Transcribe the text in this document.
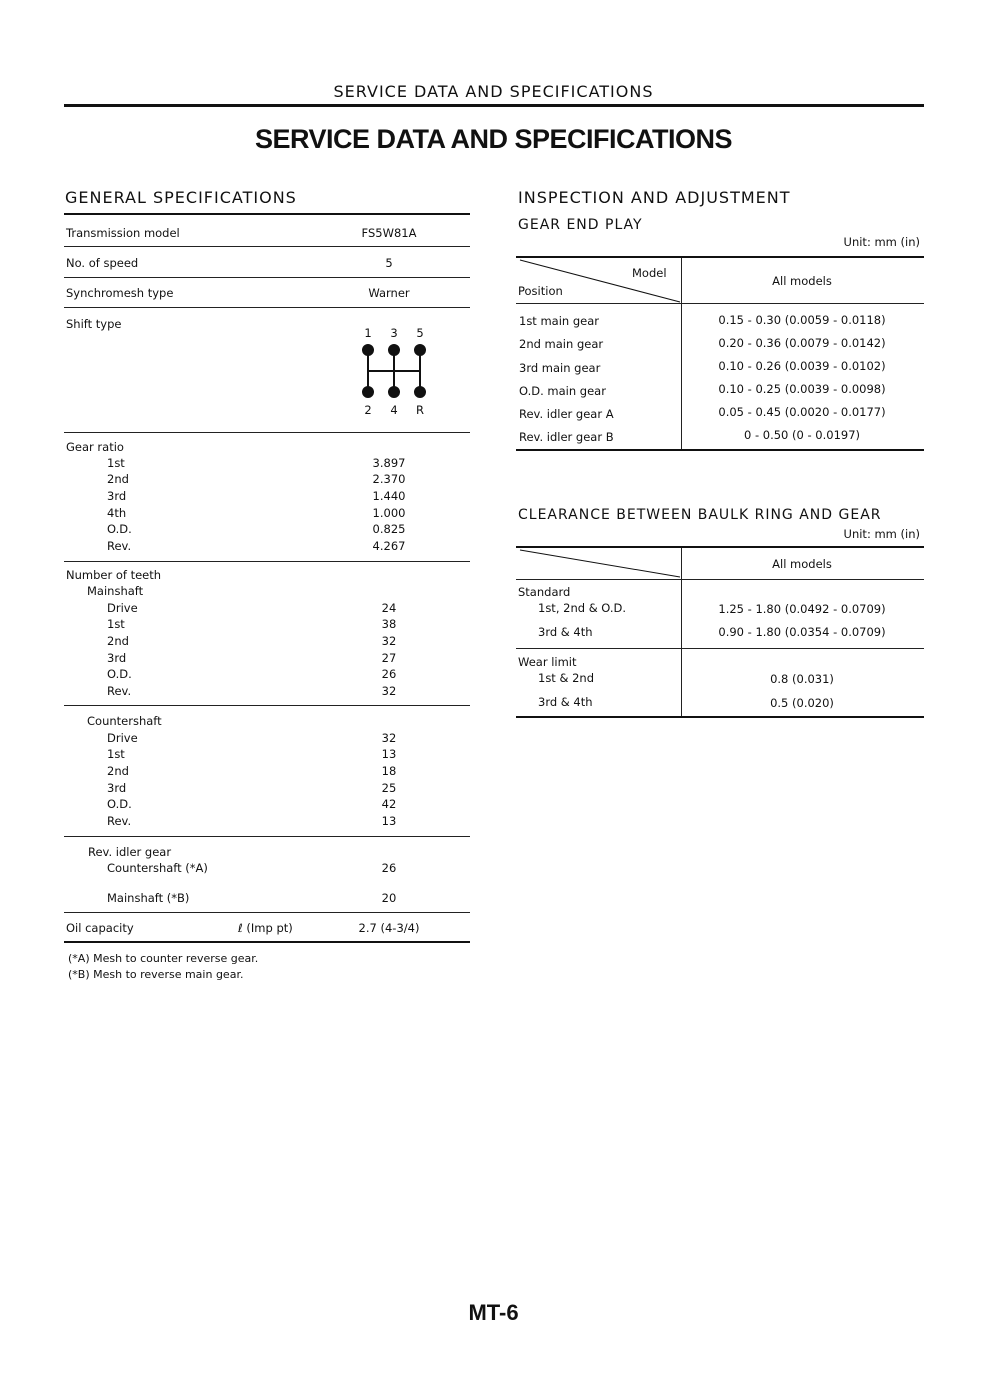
SERVICE DATA AND SPECIFICATIONS
SERVICE DATA AND SPECIFICATIONS
GENERAL SPECIFICATIONS
Transmission model	FS5W81A
No. of speed	5
Synchromesh type	Warner
Shift type
1	3	5
2	4	R
Gear ratio
1st	3.897
2nd	2.370
3rd	1.440
4th	1.000
O.D.	0.825
Rev.	4.267
Number of teeth
Mainshaft
Drive	24
1st	38
2nd	32
3rd	27
O.D.	26
Rev.	32
Countershaft
Drive	32
1st	13
2nd	18
3rd	25
O.D.	42
Rev.	13
Rev. idler gear
Countershaft (*A)	26
Mainshaft (*B)	20
Oil capacity	ℓ (Imp pt)	2.7 (4-3/4)
(*A) Mesh to counter reverse gear.
(*B) Mesh to reverse main gear.
INSPECTION AND ADJUSTMENT
GEAR END PLAY
Unit: mm (in)
Model
Position
All models
1st main gear	0.15 - 0.30 (0.0059 - 0.0118)
2nd main gear	0.20 - 0.36 (0.0079 - 0.0142)
3rd main gear	0.10 - 0.26 (0.0039 - 0.0102)
O.D. main gear	0.10 - 0.25 (0.0039 - 0.0098)
Rev. idler gear A	0.05 - 0.45 (0.0020 - 0.0177)
Rev. idler gear B	0 - 0.50 (0 - 0.0197)
CLEARANCE BETWEEN BAULK RING AND GEAR
Unit: mm (in)
All models
Standard
1st, 2nd & O.D.	1.25 - 1.80 (0.0492 - 0.0709)
3rd & 4th	0.90 - 1.80 (0.0354 - 0.0709)
Wear limit
1st & 2nd	0.8 (0.031)
3rd & 4th	0.5 (0.020)
MT-6
